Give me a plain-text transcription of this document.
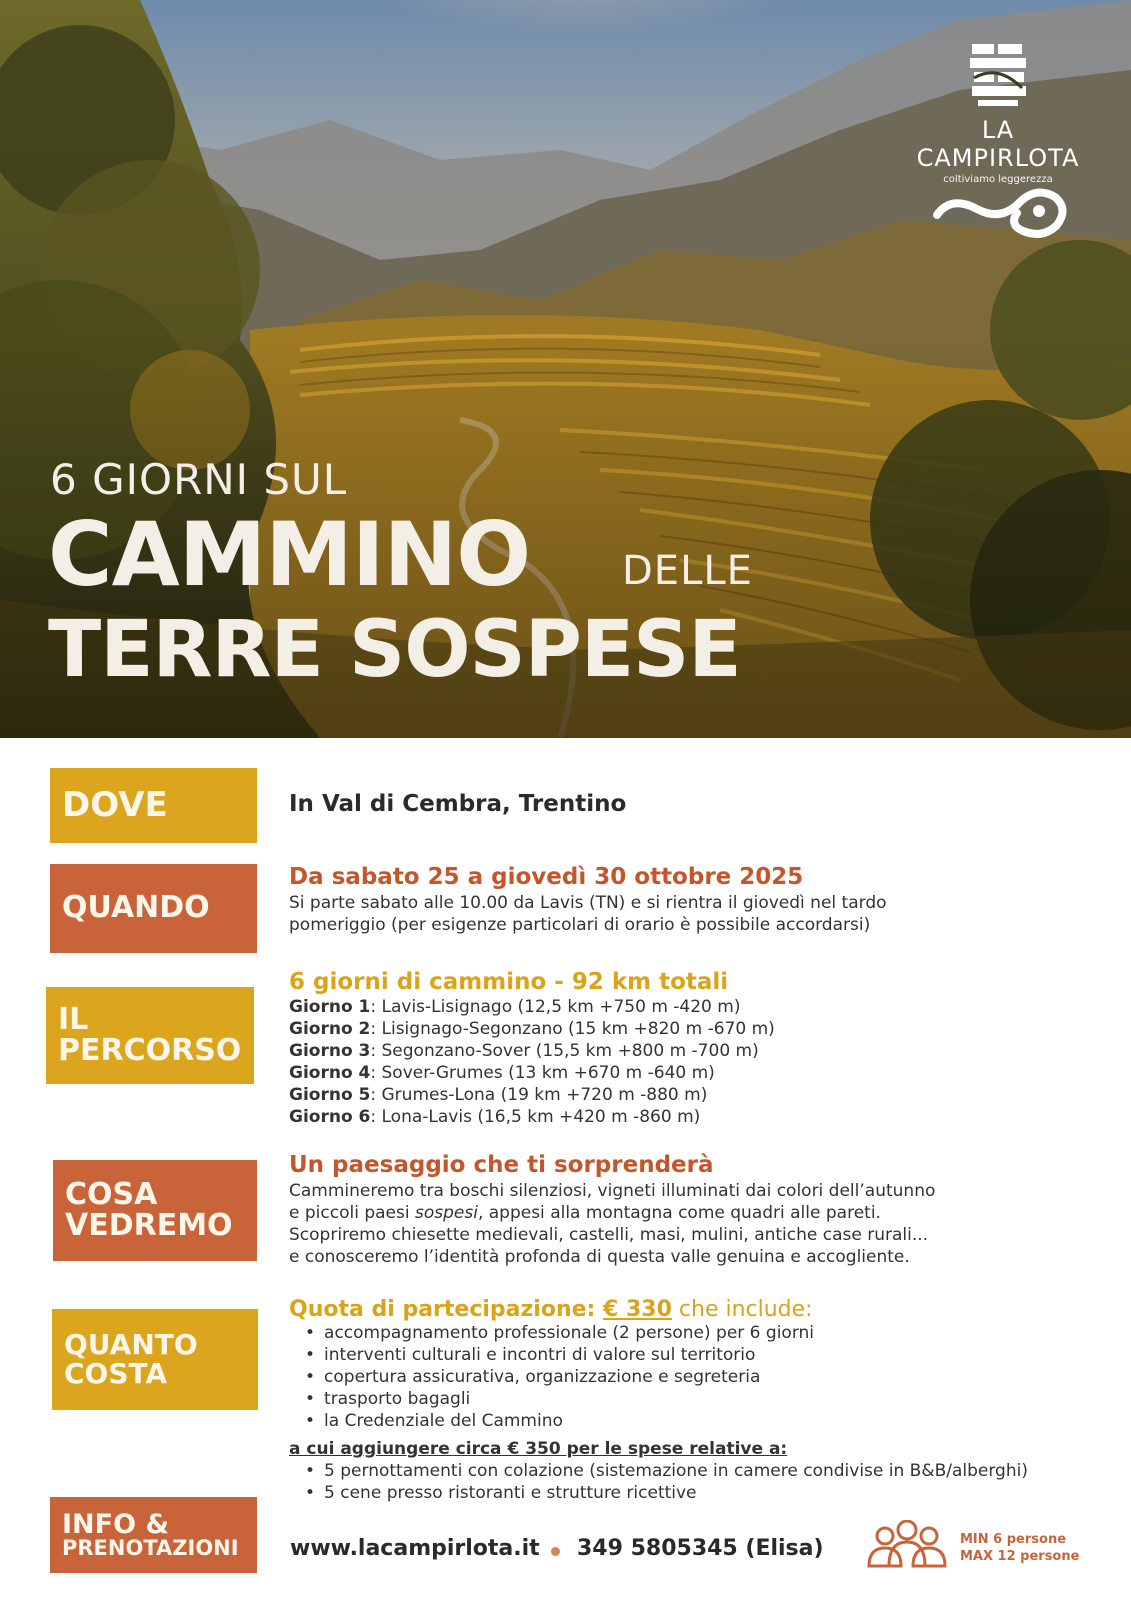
LA CAMPIRLOTA
coltiviamo leggerezza
6 GIORNI SUL
CAMMINO DELLE
TERRE SOSPESE
DOVE	In Val di Cembra, Trentino
QUANDO
Da sabato 25 a giovedì 30 ottobre 2025
Si parte sabato alle 10.00 da Lavis (TN) e si rientra il giovedì nel tardo
pomeriggio (per esigenze particolari di orario è possibile accordarsi)
IL
PERCORSO
6 giorni di cammino - 92 km totali
Giorno 1: Lavis-Lisignago (12,5 km +750 m -420 m)
Giorno 2: Lisignago-Segonzano (15 km +820 m -670 m)
Giorno 3: Segonzano-Sover (15,5 km +800 m -700 m)
Giorno 4: Sover-Grumes (13 km +670 m -640 m)
Giorno 5: Grumes-Lona (19 km +720 m -880 m)
Giorno 6: Lona-Lavis (16,5 km +420 m -860 m)
COSA
VEDREMO
Un paesaggio che ti sorprenderà
Cammineremo tra boschi silenziosi, vigneti illuminati dai colori dell’autunno
e piccoli paesi sospesi, appesi alla montagna come quadri alle pareti.
Scopriremo chiesette medievali, castelli, masi, mulini, antiche case rurali...
e conosceremo l’identità profonda di questa valle genuina e accogliente.
QUANTO
COSTA
Quota di partecipazione: € 330 che include:
• accompagnamento professionale (2 persone) per 6 giorni
• interventi culturali e incontri di valore sul territorio
• copertura assicurativa, organizzazione e segreteria
• trasporto bagagli
• la Credenziale del Cammino
a cui aggiungere circa € 350 per le spese relative a:
• 5 pernottamenti con colazione (sistemazione in camere condivise in B&B/alberghi)
• 5 cene presso ristoranti e strutture ricettive
INFO &
PRENOTAZIONI	www.lacampirlota.it 349 5805345 (Elisa)	MIN 6 persone
MAX 12 persone
